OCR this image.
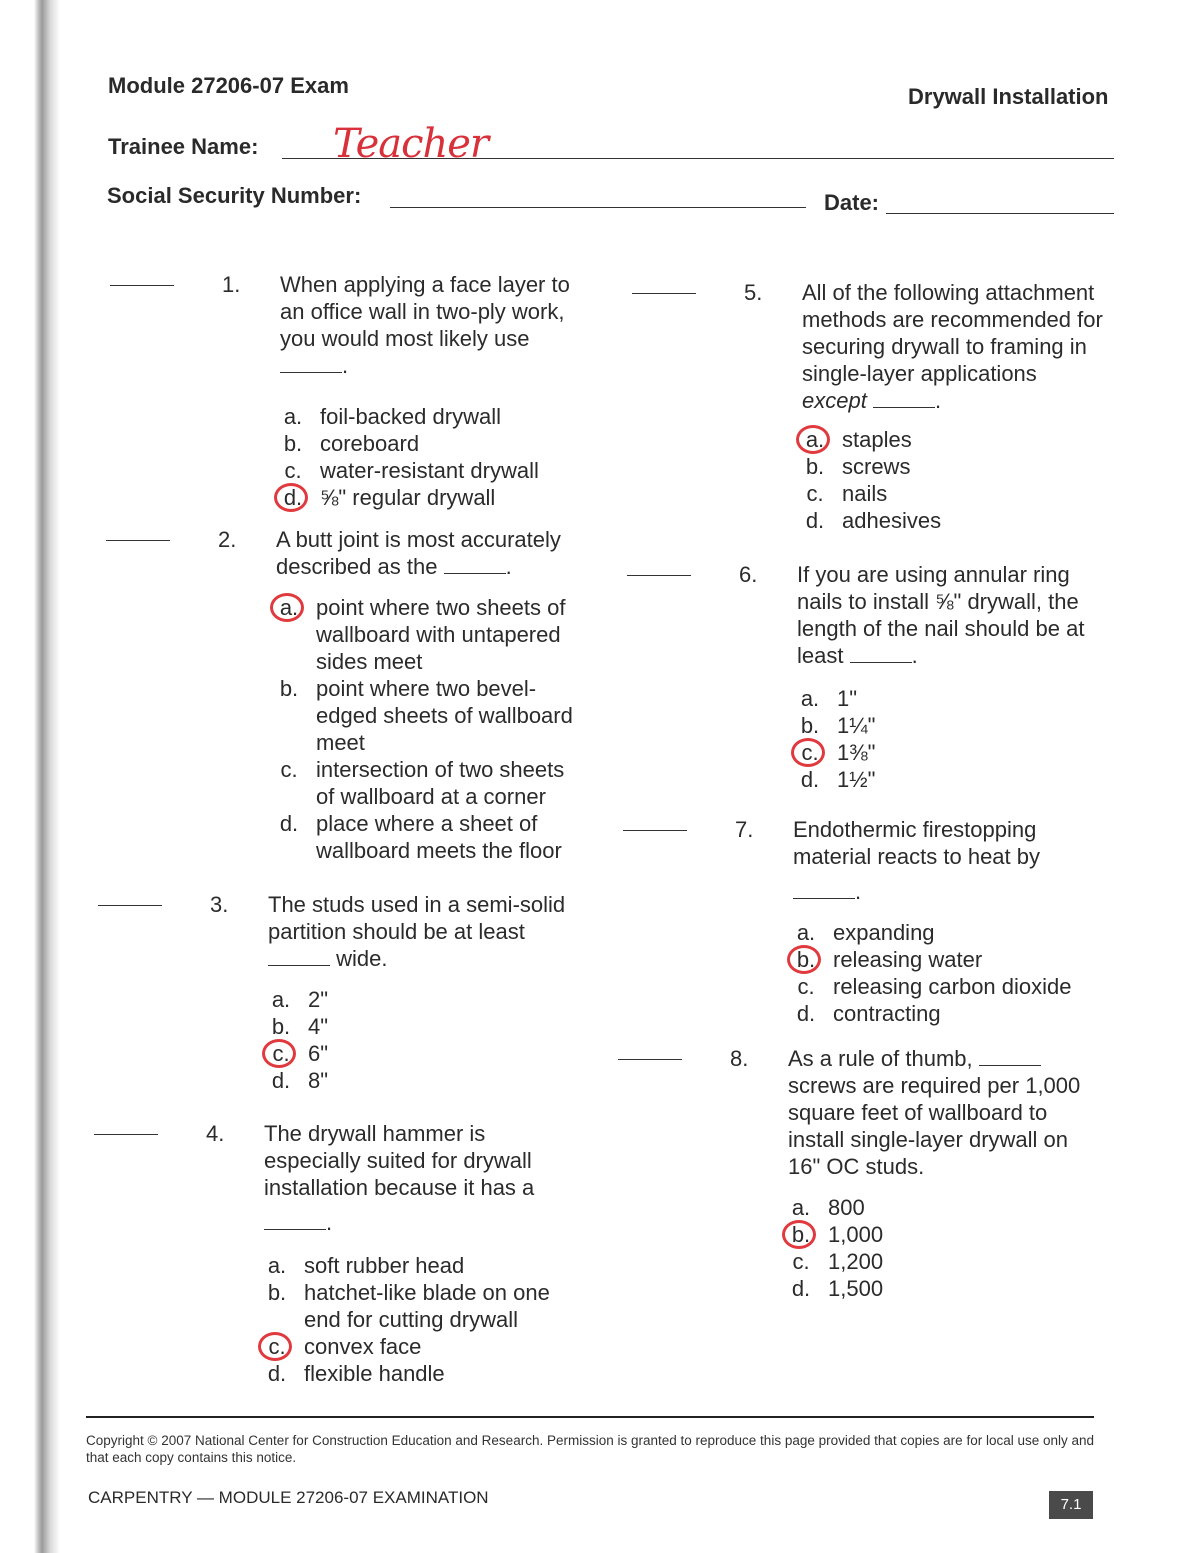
Module 27206-07 Exam	Drywall Installation
Trainee Name: Teacher
Social Security Number:	Date:
1. When applying a face layer to an office wall in two-ply work, you would most likely use
.
a. foil-backed drywall
b. coreboard
c. water-resistant drywall
d. ⅝" regular drywall
2. A butt joint is most accurately described as the	.
a. point where two sheets of wallboard with untapered sides meet
b. point where two bevel-edged sheets of wallboard meet
c. intersection of two sheets of wallboard at a corner
d. place where a sheet of wallboard meets the floor
3. The studs used in a semi-solid partition should be at least  wide.
a. 2"
b. 4"
c. 6"
d. 8"
4. The drywall hammer is especially suited for drywall installation because it has a
.
a. soft rubber head
b. hatchet-like blade on one end for cutting drywall
c. convex face
d. flexible handle
5. All of the following attachment methods are recommended for securing drywall to framing in single-layer applications
except	.
a. staples
b. screws
c. nails
d. adhesives
6. If you are using annular ring nails to install ⅝" drywall, the length of the nail should be at least	.
a. 1"
b. 1¼"
c. 1⅜"
d. 1½"
7. Endothermic firestopping material reacts to heat by
.
a. expanding
b. releasing water
c. releasing carbon dioxide
d. contracting
8. As a rule of thumb,  screws are required per 1,000 square feet of wallboard to install single-layer drywall on 16" OC studs.
a. 800
b. 1,000
c. 1,200
d. 1,500
Copyright © 2007 National Center for Construction Education and Research. Permission is granted to reproduce this page provided that copies are for local use only and that each copy contains this notice.
CARPENTRY — MODULE 27206-07 EXAMINATION	7.1
